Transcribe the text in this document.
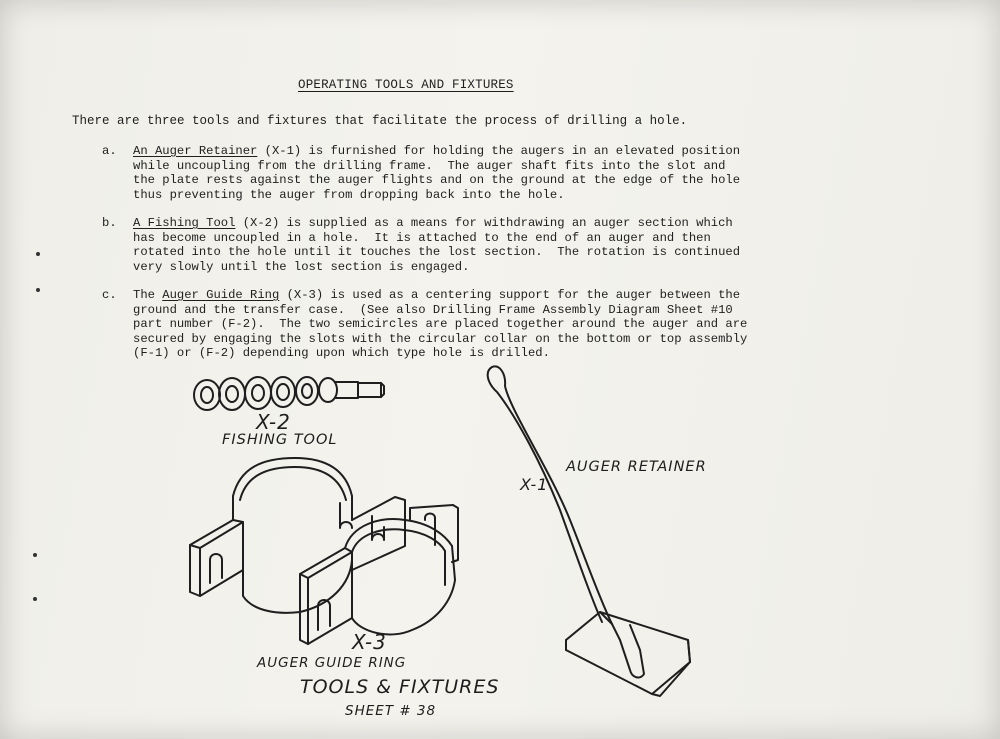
OPERATING TOOLS AND FIXTURES

There are three tools and fixtures that facilitate the process of drilling a hole.

a. An Auger Retainer (X-1) is furnished for holding the augers in an elevated position
while uncoupling from the drilling frame.  The auger shaft fits into the slot and
the plate rests against the auger flights and on the ground at the edge of the hole
thus preventing the auger from dropping back into the hole.
b. A Fishing Tool (X-2) is supplied as a means for withdrawing an auger section which
has become uncoupled in a hole.  It is attached to the end of an auger and then
rotated into the hole until it touches the lost section.  The rotation is continued
very slowly until the lost section is engaged.
c. The Auger Guide Ring (X-3) is used as a centering support for the auger between the
ground and the transfer case.  (See also Drilling Frame Assembly Diagram Sheet #10
part number (F-2).  The two semicircles are placed together around the auger and are
secured by engaging the slots with the circular collar on the bottom or top assembly
(F-1) or (F-2) depending upon which type hole is drilled.
X-2
FISHING TOOL
X-1
AUGER RETAINER
X-3
AUGER GUIDE RING
TOOLS & FIXTURES
SHEET # 38
